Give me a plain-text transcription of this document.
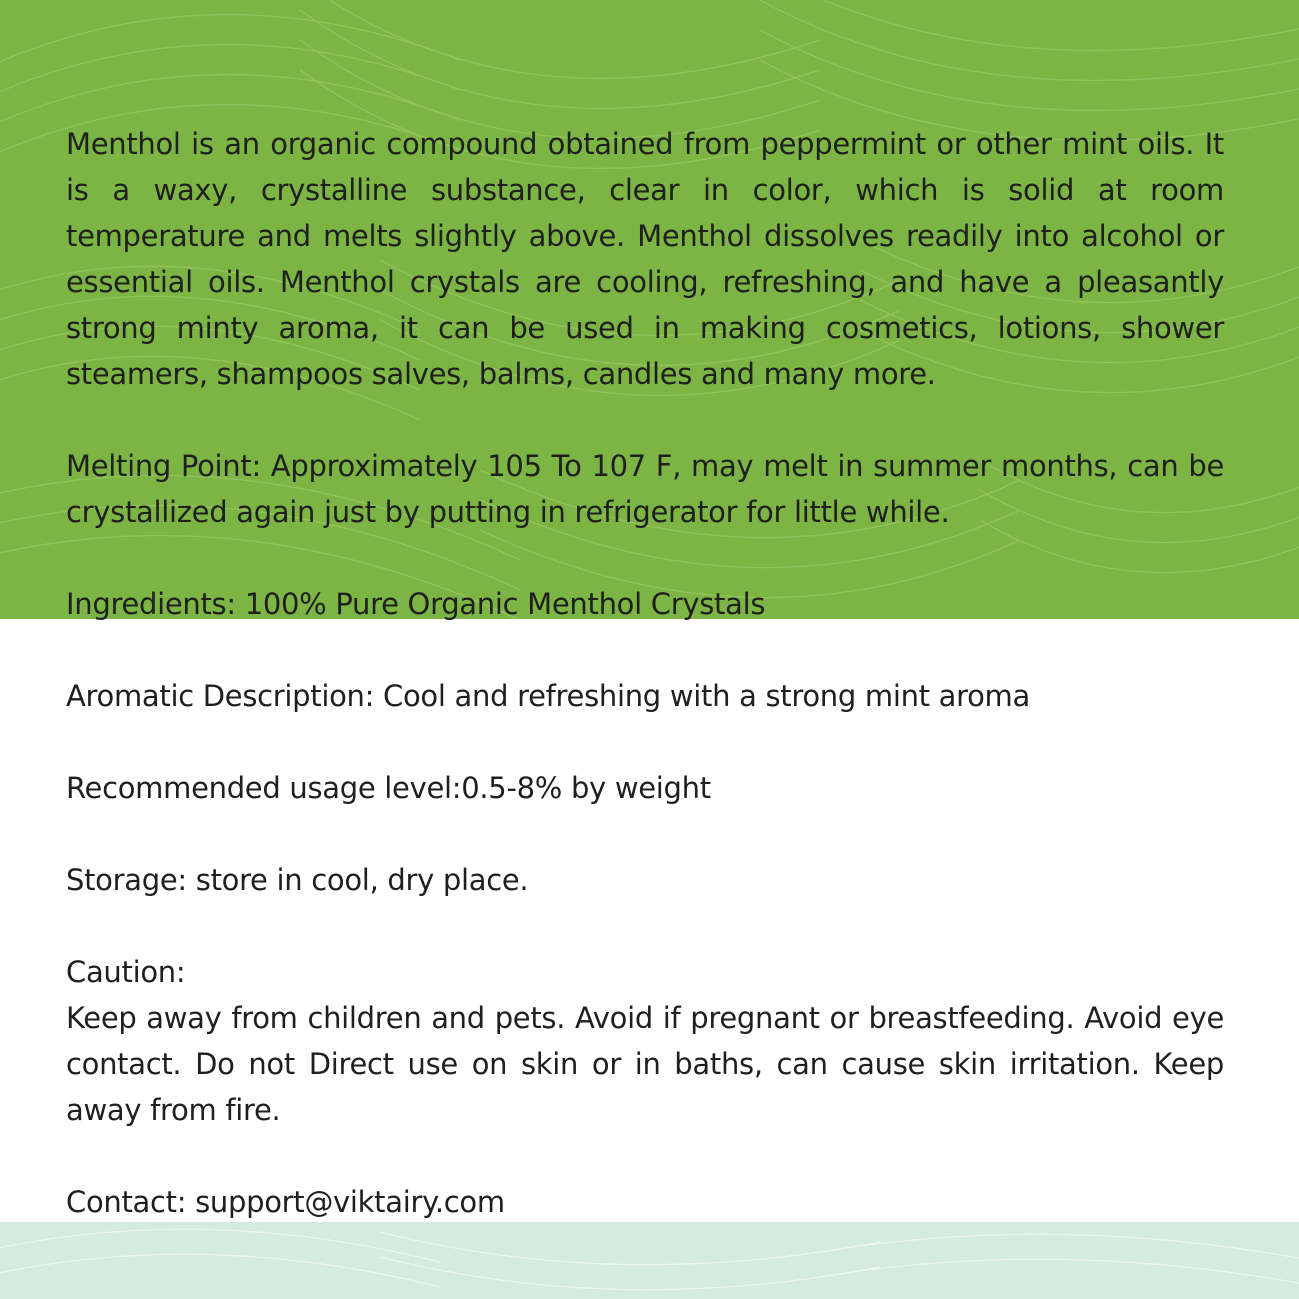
Menthol is an organic compound obtained from peppermint or other mint oils. It is a waxy, crystalline substance, clear in color, which is solid at room temperature and melts slightly above. Menthol dissolves readily into alcohol or essential oils. Menthol crystals are cooling, refreshing, and have a pleasantly strong minty aroma, it can be used in making cosmetics, lotions, shower steamers, shampoos salves, balms, candles and many more.

Melting Point: Approximately 105 To 107 F, may melt in summer months, can be crystallized again just by putting in refrigerator for little while.

Ingredients: 100% Pure Organic Menthol Crystals

Aromatic Description: Cool and refreshing with a strong mint aroma

Recommended usage level:0.5-8% by weight

Storage: store in cool, dry place.

Caution:

Keep away from children and pets. Avoid if pregnant or breastfeeding. Avoid eye contact. Do not Direct use on skin or in baths, can cause skin irritation. Keep away from fire.

Contact: support@viktairy.com
